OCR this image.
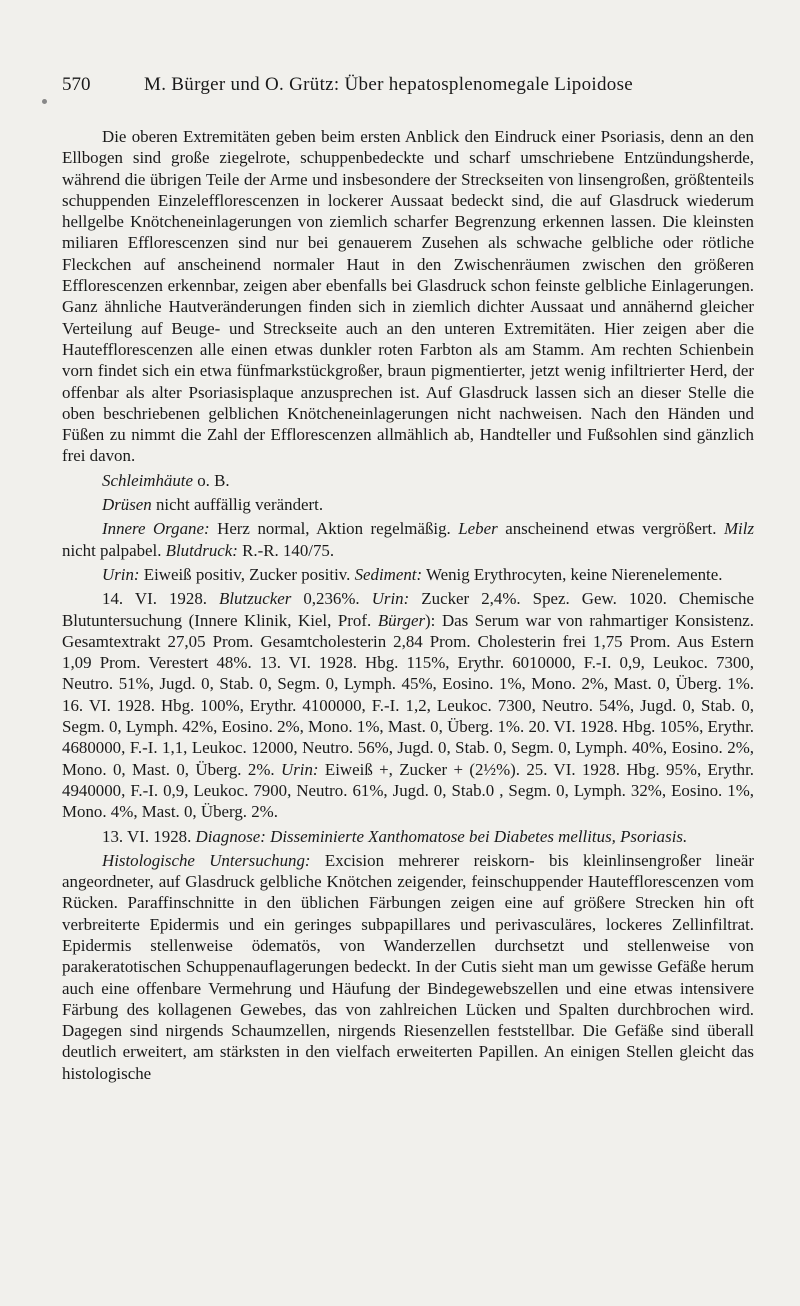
570	M. Bürger und O. Grütz: Über hepatosplenomegale Lipoidose

Die oberen Extremitäten geben beim ersten Anblick den Eindruck einer Psoriasis, denn an den Ellbogen sind große ziegelrote, schuppenbedeckte und scharf umschriebene Entzündungsherde, während die übrigen Teile der Arme und insbesondere der Streckseiten von linsengroßen, größtenteils schuppenden Einzelefflorescenzen in lockerer Aussaat bedeckt sind, die auf Glasdruck wiederum hellgelbe Knötcheneinlagerungen von ziemlich scharfer Begrenzung erkennen lassen. Die kleinsten miliaren Efflorescenzen sind nur bei genauerem Zusehen als schwache gelbliche oder rötliche Fleckchen auf anscheinend normaler Haut in den Zwischenräumen zwischen den größeren Efflorescenzen erkennbar, zeigen aber ebenfalls bei Glasdruck schon feinste gelbliche Einlagerungen. Ganz ähnliche Hautveränderungen finden sich in ziemlich dichter Aussaat und annähernd gleicher Verteilung auf Beuge- und Streckseite auch an den unteren Extremitäten. Hier zeigen aber die Hautefflorescenzen alle einen etwas dunkler roten Farbton als am Stamm. Am rechten Schienbein vorn findet sich ein etwa fünfmarkstückgroßer, braun pigmentierter, jetzt wenig infiltrierter Herd, der offenbar als alter Psoriasisplaque anzusprechen ist. Auf Glasdruck lassen sich an dieser Stelle die oben beschriebenen gelblichen Knötcheneinlagerungen nicht nachweisen. Nach den Händen und Füßen zu nimmt die Zahl der Efflorescenzen allmählich ab, Handteller und Fußsohlen sind gänzlich frei davon.

Schleimhäute o. B.

Drüsen nicht auffällig verändert.

Innere Organe: Herz normal, Aktion regelmäßig. Leber anscheinend etwas vergrößert. Milz nicht palpabel. Blutdruck: R.-R. 140/75.

Urin: Eiweiß positiv, Zucker positiv. Sediment: Wenig Erythrocyten, keine Nierenelemente.

14. VI. 1928. Blutzucker 0,236%. Urin: Zucker 2,4%. Spez. Gew. 1020. Chemische Blutuntersuchung (Innere Klinik, Kiel, Prof. Bürger): Das Serum war von rahmartiger Konsistenz. Gesamtextrakt 27,05 Prom. Gesamtcholesterin 2,84 Prom. Cholesterin frei 1,75 Prom. Aus Estern 1,09 Prom. Verestert 48%. 13. VI. 1928. Hbg. 115%, Erythr. 6010000, F.-I. 0,9, Leukoc. 7300, Neutro. 51%, Jugd. 0, Stab. 0, Segm. 0, Lymph. 45%, Eosino. 1%, Mono. 2%, Mast. 0, Überg. 1%. 16. VI. 1928. Hbg. 100%, Erythr. 4100000, F.-I. 1,2, Leukoc. 7300, Neutro. 54%, Jugd. 0, Stab. 0, Segm. 0, Lymph. 42%, Eosino. 2%, Mono. 1%, Mast. 0, Überg. 1%. 20. VI. 1928. Hbg. 105%, Erythr. 4680000, F.-I. 1,1, Leukoc. 12000, Neutro. 56%, Jugd. 0, Stab. 0, Segm. 0, Lymph. 40%, Eosino. 2%, Mono. 0, Mast. 0, Überg. 2%. Urin: Eiweiß +, Zucker + (2½%). 25. VI. 1928. Hbg. 95%, Erythr. 4940000, F.-I. 0,9, Leukoc. 7900, Neutro. 61%, Jugd. 0, Stab.0 , Segm. 0, Lymph. 32%, Eosino. 1%, Mono. 4%, Mast. 0, Überg. 2%.

13. VI. 1928. Diagnose: Disseminierte Xanthomatose bei Diabetes mellitus, Psoriasis.

Histologische Untersuchung: Excision mehrerer reiskorn- bis kleinlinsengroßer lineär angeordneter, auf Glasdruck gelbliche Knötchen zeigender, feinschuppender Hautefflorescenzen vom Rücken. Paraffinschnitte in den üblichen Färbungen zeigen eine auf größere Strecken hin oft verbreiterte Epidermis und ein geringes subpapillares und perivasculäres, lockeres Zellinfiltrat. Epidermis stellenweise ödematös, von Wanderzellen durchsetzt und stellenweise von parakeratotischen Schuppenauflagerungen bedeckt. In der Cutis sieht man um gewisse Gefäße herum auch eine offenbare Vermehrung und Häufung der Bindegewebszellen und eine etwas intensivere Färbung des kollagenen Gewebes, das von zahlreichen Lücken und Spalten durchbrochen wird. Dagegen sind nirgends Schaumzellen, nirgends Riesenzellen feststellbar. Die Gefäße sind überall deutlich erweitert, am stärksten in den vielfach erweiterten Papillen. An einigen Stellen gleicht das histologische
